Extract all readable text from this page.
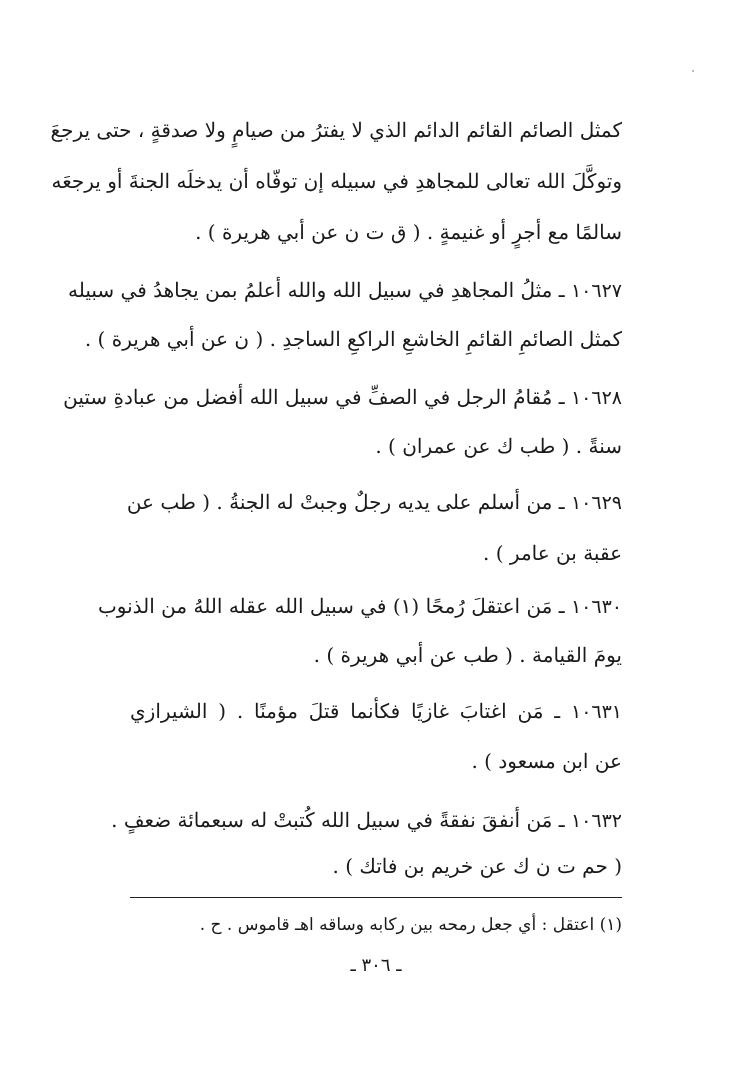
كمثل الصائم القائم الدائم الذي لا يفترُ من صيامٍ ولا صدقةٍ ، حتى يرجعَ
وتوكَّلَ الله تعالى للمجاهدِ في سبيله إن توفّاه أن يدخلَه الجنةَ أو يرجعَه
سالمًا مع أجرٍ أو غنيمةٍ . ( ق ت ن عن أبي هريرة ) .
١٠٦٢٧ ـ مثلُ المجاهدِ في سبيل الله والله أعلمُ بمن يجاهدُ في سبيله
كمثل الصائمِ القائمِ الخاشعِ الراكعِ الساجدِ . ( ن عن أبي هريرة ) .
١٠٦٢٨ ـ مُقامُ الرجل في الصفِّ في سبيل الله أفضل من عبادةِ ستين
سنةً . ( طب ك عن عمران ) .
١٠٦٢٩ ـ من أسلم على يديه رجلٌ وجبتْ له الجنةُ . ( طب عن
عقبة بن عامر ) .
١٠٦٣٠ ـ مَن اعتقلَ رُمحًا (١) في سبيل الله عقله اللهُ من الذنوب
يومَ القيامة . ( طب عن أبي هريرة ) .
١٠٦٣١ ـ مَن اغتابَ غازيًا فكأنما قتلَ مؤمنًا . ( الشيرازي
عن ابن مسعود ) .
١٠٦٣٢ ـ مَن أنفقَ نفقةً في سبيل الله كُتبتْ له سبعمائة ضعفٍ .
( حم ت ن ك عن خريم بن فاتك ) .
(١) اعتقل : أي جعل رمحه بين ركابه وساقه اهـ قاموس . ح .
ـ ٣٠٦ ـ
